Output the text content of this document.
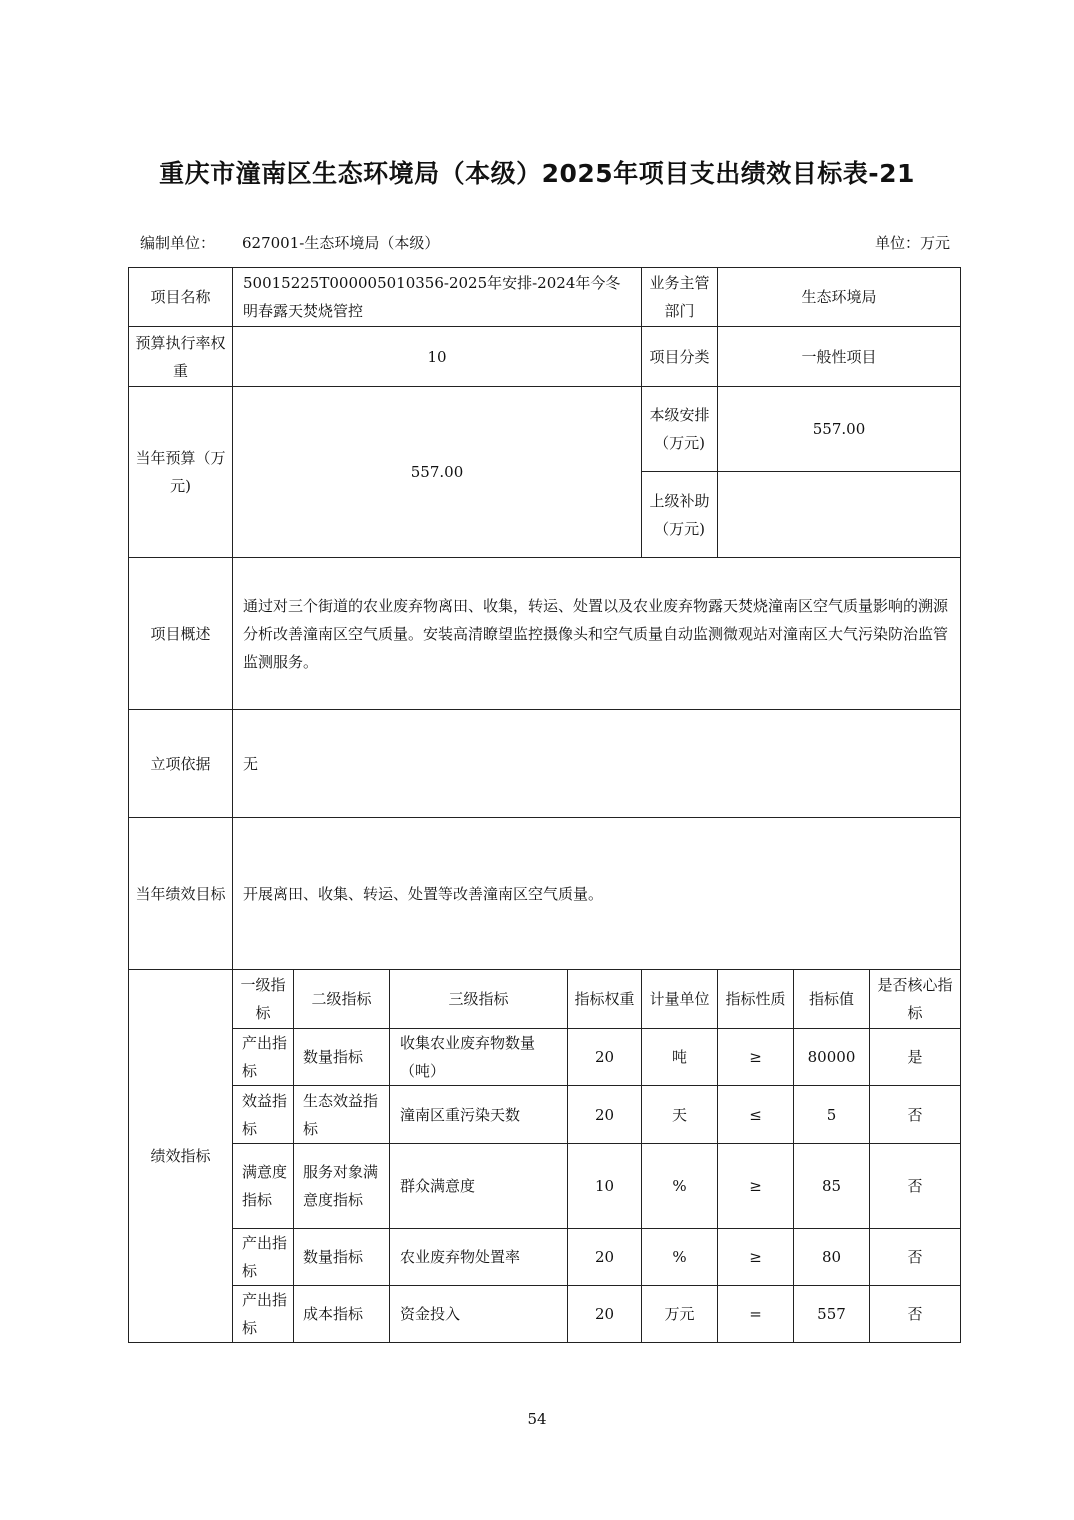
重庆市潼南区生态环境局（本级）2025年项目支出绩效目标表-21
编制单位： 627001-生态环境局（本级）	单位：万元
项目名称	50015225T000005010356-2025年安排-2024年今冬明春露天焚烧管控				业务主管部门	生态环境局		
预算执行率权重	10				项目分类	一般性项目		
当年预算（万元)	557.00				本级安排（万元)	557.00		
					上级补助（万元)			
项目概述	通过对三个街道的农业废弃物离田、收集，转运、处置以及农业废弃物露天焚烧潼南区空气质量影响的溯源分析改善潼南区空气质量。安装高清瞭望监控摄像头和空气质量自动监测微观站对潼南区大气污染防治监管监测服务。							
立项依据	无							
当年绩效目标	开展离田、收集、转运、处置等改善潼南区空气质量。							
绩效指标	一级指标	二级指标	三级指标	指标权重	计量单位	指标性质	指标值	是否核心指标
	产出指标	数量指标	收集农业废弃物数量（吨）	20	吨	≥	80000	是
	效益指标	生态效益指标	潼南区重污染天数	20	天	≤	5	否
	满意度指标	服务对象满意度指标	群众满意度	10	%	≥	85	否
	产出指标	数量指标	农业废弃物处置率	20	%	≥	80	否
	产出指标	成本指标	资金投入	20	万元	=	557	否
54
